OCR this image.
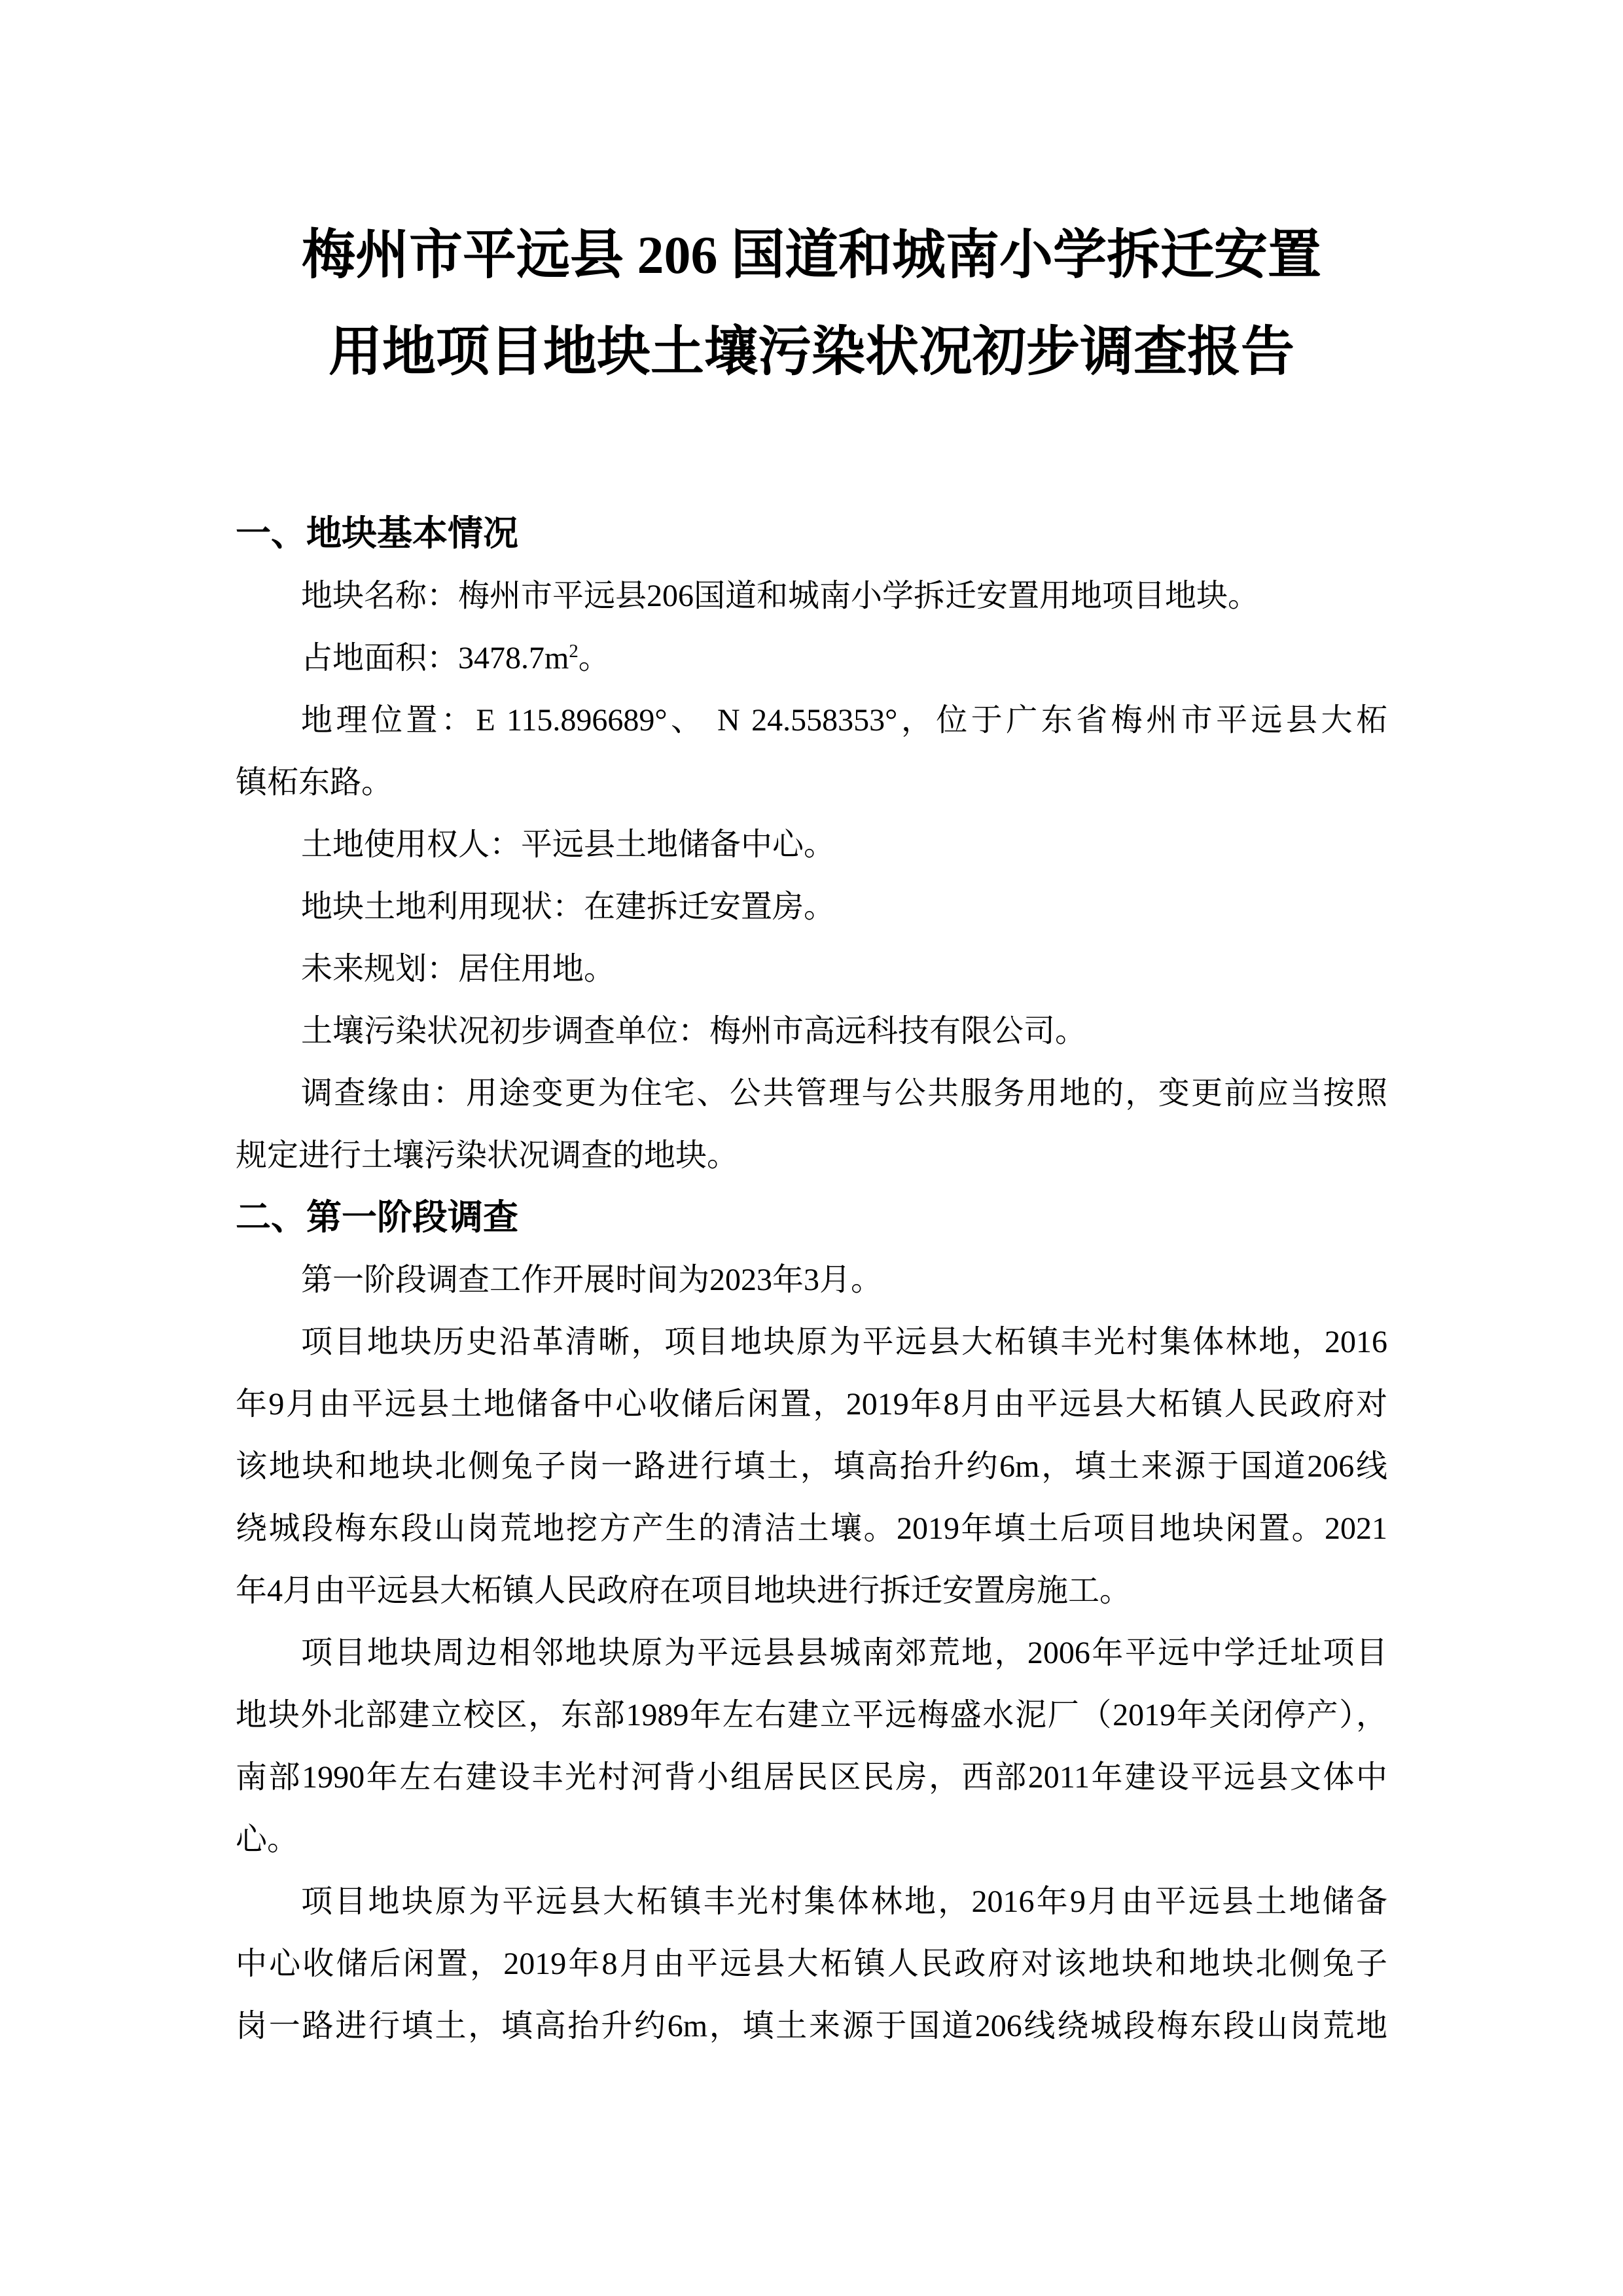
梅州市平远县 206 国道和城南小学拆迁安置
用地项目地块土壤污染状况初步调查报告
一、地块基本情况
地块名称：梅州市平远县206国道和城南小学拆迁安置用地项目地块。
占地面积：$3478.7m^2$。
地理位置：E 115.896689°、 N 24.558353°，位于广东省梅州市平远县大柘
镇柘东路。
土地使用权人：平远县土地储备中心。
地块土地利用现状：在建拆迁安置房。
未来规划：居住用地。
土壤污染状况初步调查单位：梅州市高远科技有限公司。
调查缘由：用途变更为住宅、公共管理与公共服务用地的，变更前应当按照
规定进行土壤污染状况调查的地块。
二、第一阶段调查
第一阶段调查工作开展时间为2023年3月。
项目地块历史沿革清晰，项目地块原为平远县大柘镇丰光村集体林地，2016
年9月由平远县土地储备中心收储后闲置，2019年8月由平远县大柘镇人民政府对
该地块和地块北侧兔子岗一路进行填土，填高抬升约6m，填土来源于国道206线
绕城段梅东段山岗荒地挖方产生的清洁土壤。2019年填土后项目地块闲置。2021
年4月由平远县大柘镇人民政府在项目地块进行拆迁安置房施工。
项目地块周边相邻地块原为平远县县城南郊荒地，2006年平远中学迁址项目
地块外北部建立校区，东部1989年左右建立平远梅盛水泥厂（2019年关闭停产），
南部1990年左右建设丰光村河背小组居民区民房，西部2011年建设平远县文体中
心。
项目地块原为平远县大柘镇丰光村集体林地，2016年9月由平远县土地储备
中心收储后闲置，2019年8月由平远县大柘镇人民政府对该地块和地块北侧兔子
岗一路进行填土，填高抬升约6m，填土来源于国道206线绕城段梅东段山岗荒地
